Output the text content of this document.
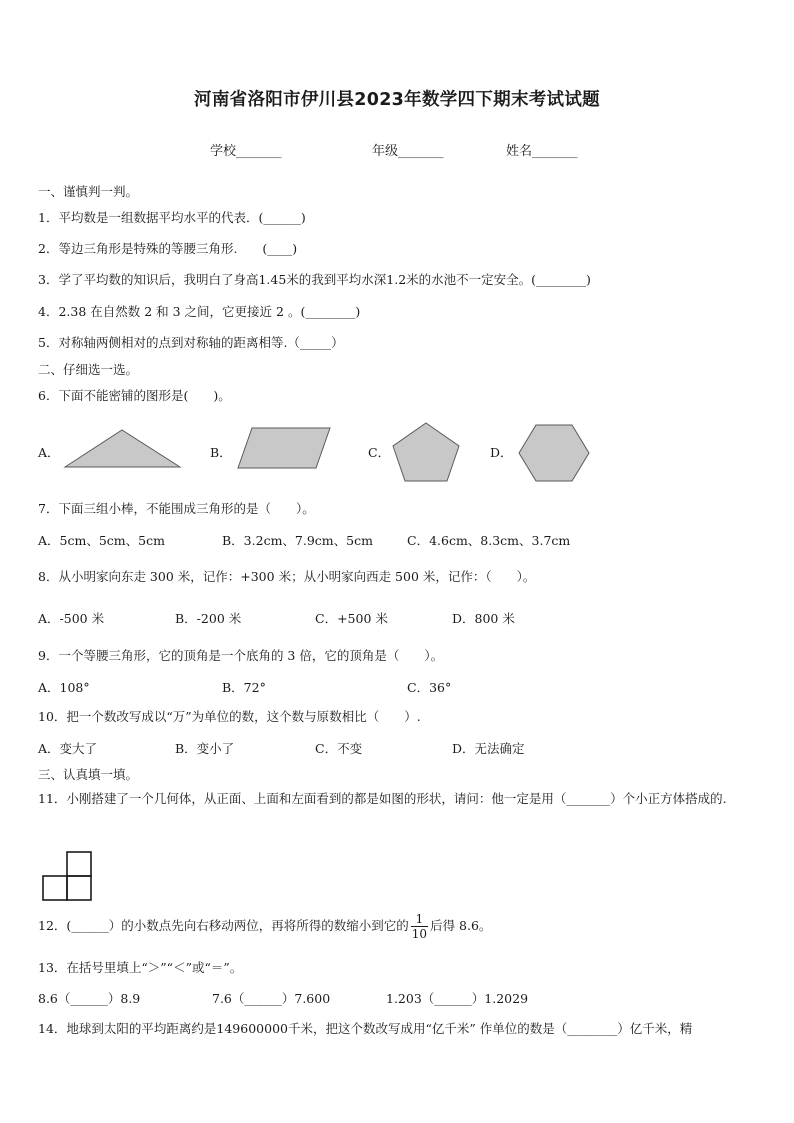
河南省洛阳市伊川县2023年数学四下期末考试试题
学校_______	年级_______	姓名_______
一、谨慎判一判。
1．平均数是一组数据平均水平的代表．(______)
2．等边三角形是特殊的等腰三角形.　　(____)
3．学了平均数的知识后，我明白了身高1.45米的我到平均水深1.2米的水池不一定安全。(________)
4．2.38 在自然数 2 和 3 之间，它更接近 2 。(________)
5．对称轴两侧相对的点到对称轴的距离相等.（_____）
二、仔细选一选。
6．下面不能密铺的图形是(　　)。
A．	B．	C．	D．
7．下面三组小棒，不能围成三角形的是（　　）。
A．5cm、5cm、5cm	B．3.2cm、7.9cm、5cm	C．4.6cm、8.3cm、3.7cm
8．从小明家向东走 300 米，记作：+300 米；从小明家向西走 500 米，记作：（　　）。
A．-500 米	B．-200 米	C．+500 米	D．800 米
9．一个等腰三角形，它的顶角是一个底角的 3 倍，它的顶角是（　　）。
A．108°	B．72°	C．36°
10．把一个数改写成以“万”为单位的数，这个数与原数相比（　　）.
A．变大了	B．变小了	C．不变	D．无法确定
三、认真填一填。
11．小刚搭建了一个几何体，从正面、上面和左面看到的都是如图的形状，请问：他一定是用（_______）个小正方体搭成的.
12．(______）的小数点先向右移动两位，再将所得的数缩小到它的 $\frac{1}{10}$ 后得 8.6。
13．在括号里填上“＞”“＜”或“＝”。
8.6（______）8.9	7.6（______）7.600	1.203（______）1.2029
14．地球到太阳的平均距离约是149600000千米，把这个数改写成用“亿千米” 作单位的数是（________）亿千米，精
